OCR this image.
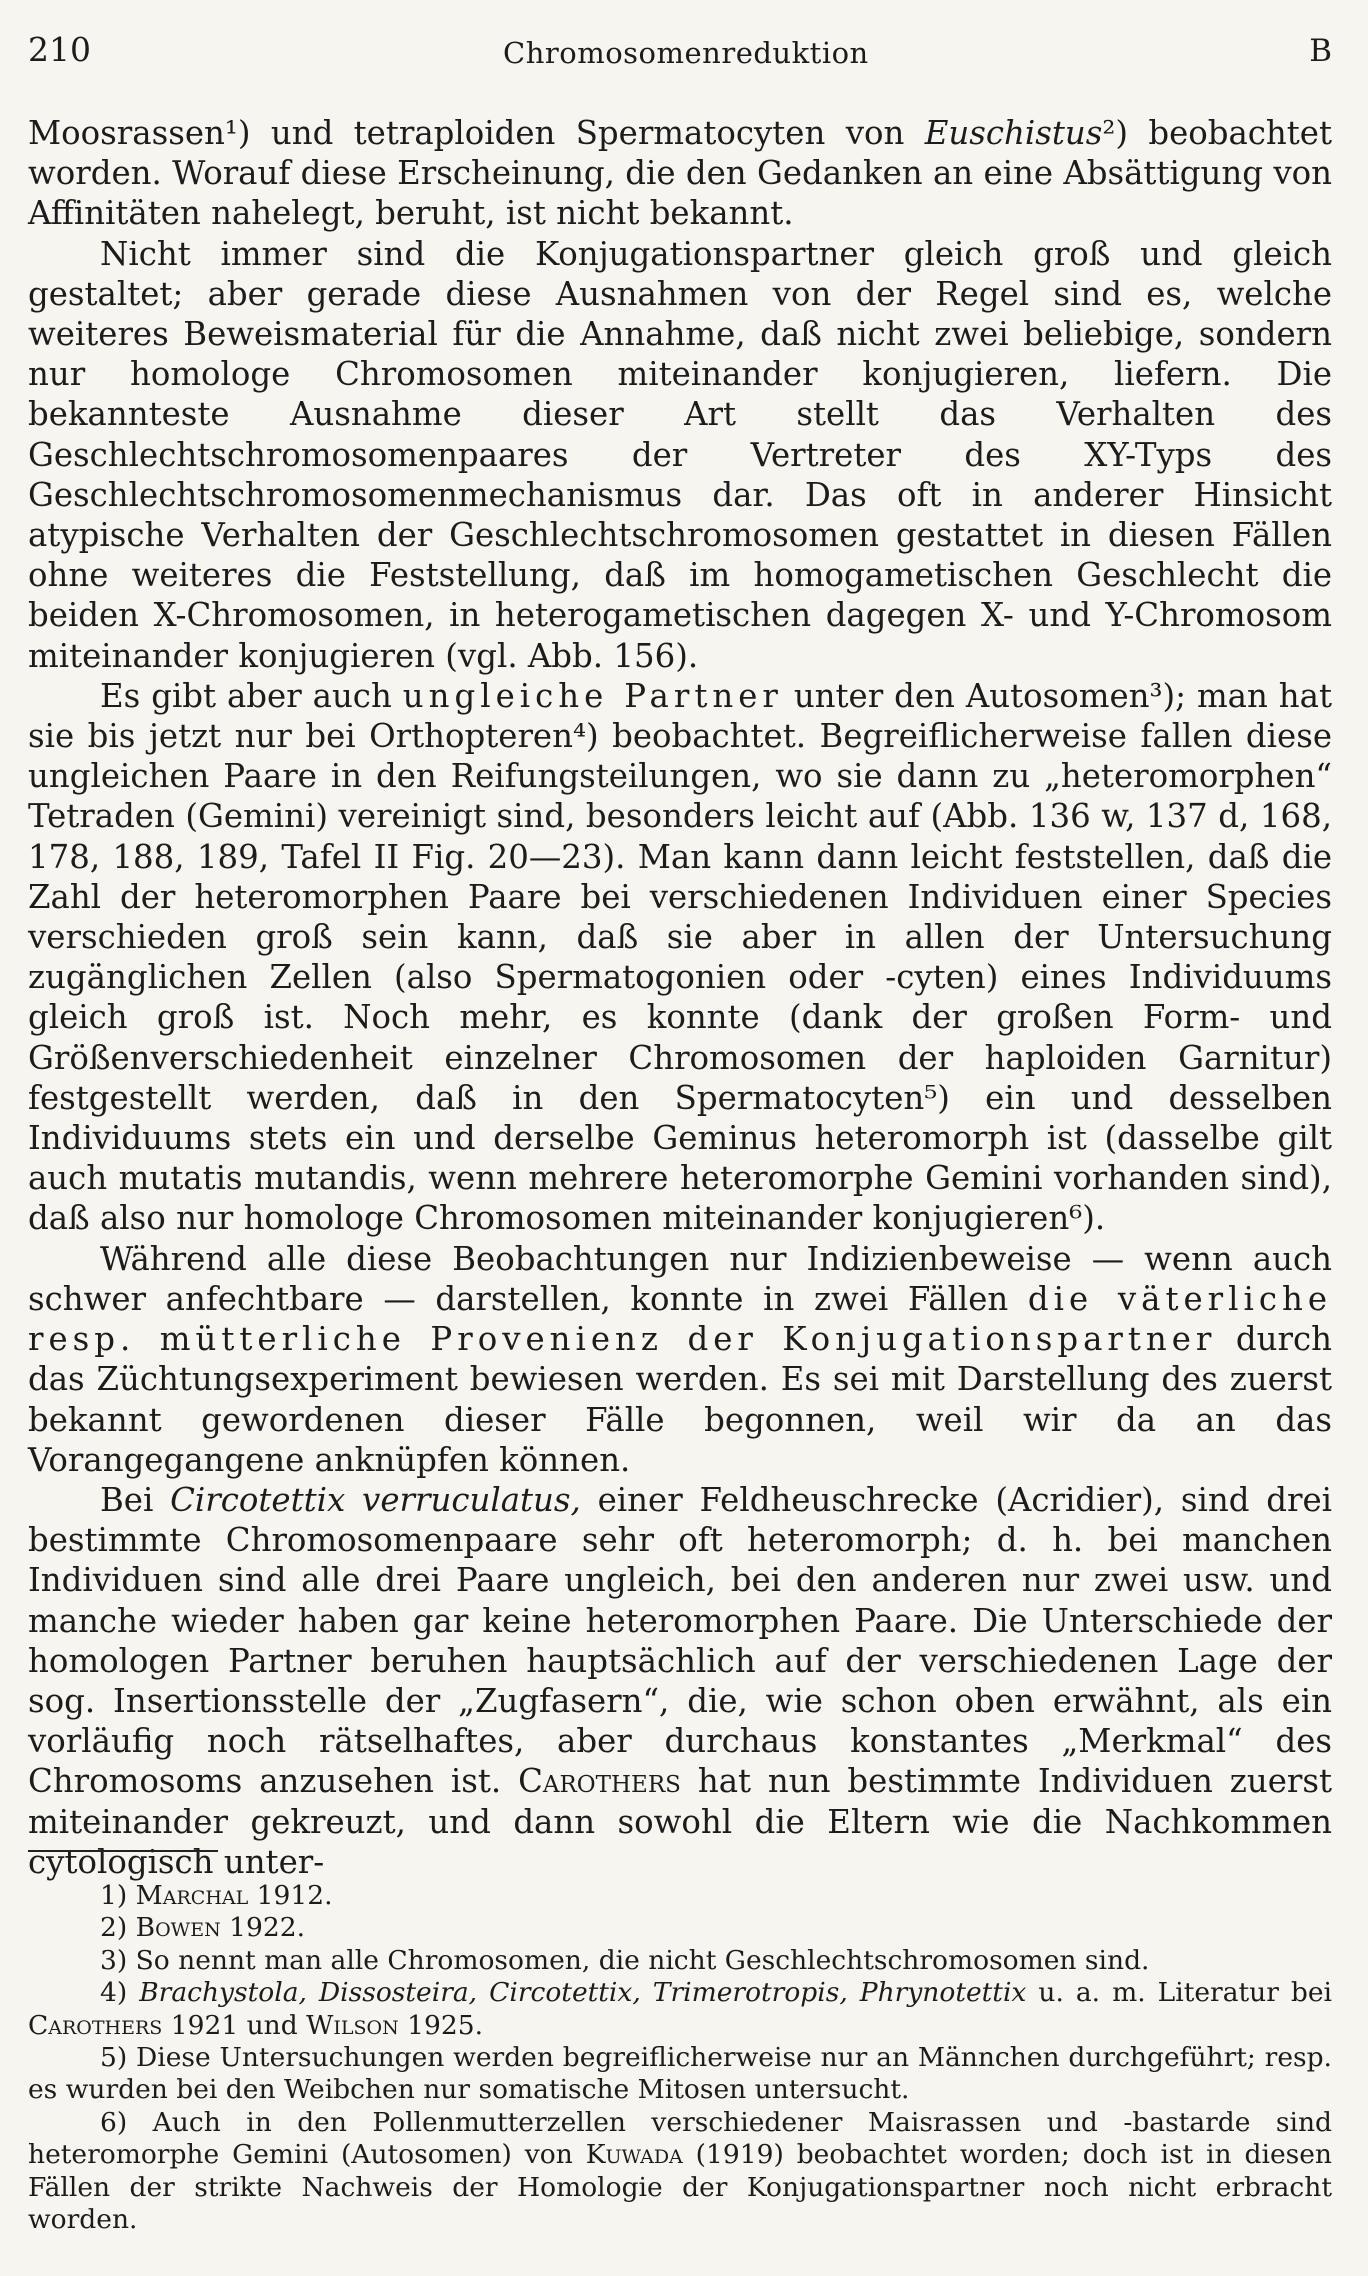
210	Chromosomenreduktion	B

Moosrassen¹) und tetraploiden Spermatocyten von Euschistus²) beobachtet worden. Worauf diese Erscheinung, die den Gedanken an eine Absättigung von Affinitäten nahelegt, beruht, ist nicht bekannt.

Nicht immer sind die Konjugationspartner gleich groß und gleich gestaltet; aber gerade diese Ausnahmen von der Regel sind es, welche weiteres Beweismaterial für die Annahme, daß nicht zwei beliebige, sondern nur homologe Chromosomen miteinander konjugieren, liefern. Die bekannteste Ausnahme dieser Art stellt das Verhalten des Geschlechtschromosomenpaares der Vertreter des XY-Typs des Geschlechtschromosomenmechanismus dar. Das oft in anderer Hinsicht atypische Verhalten der Geschlechtschromosomen gestattet in diesen Fällen ohne weiteres die Feststellung, daß im homogametischen Geschlecht die beiden X-Chromosomen, in heterogametischen dagegen X- und Y-Chromosom miteinander konjugieren (vgl. Abb. 156).

Es gibt aber auch ungleiche Partner unter den Autosomen³); man hat sie bis jetzt nur bei Orthopteren⁴) beobachtet. Begreiflicherweise fallen diese ungleichen Paare in den Reifungsteilungen, wo sie dann zu „heteromorphen“ Tetraden (Gemini) vereinigt sind, besonders leicht auf (Abb. 136 w, 137 d, 168, 178, 188, 189, Tafel II Fig. 20—23). Man kann dann leicht feststellen, daß die Zahl der heteromorphen Paare bei verschiedenen Individuen einer Species verschieden groß sein kann, daß sie aber in allen der Untersuchung zugänglichen Zellen (also Spermatogonien oder -cyten) eines Individuums gleich groß ist. Noch mehr, es konnte (dank der großen Form- und Größenverschiedenheit einzelner Chromosomen der haploiden Garnitur) festgestellt werden, daß in den Spermatocyten⁵) ein und desselben Individuums stets ein und derselbe Geminus heteromorph ist (dasselbe gilt auch mutatis mutandis, wenn mehrere heteromorphe Gemini vorhanden sind), daß also nur homologe Chromosomen miteinander konjugieren⁶).

Während alle diese Beobachtungen nur Indizienbeweise — wenn auch schwer anfechtbare — darstellen, konnte in zwei Fällen die väterliche resp. mütterliche Provenienz der Konjugationspartner durch das Züchtungsexperiment bewiesen werden. Es sei mit Darstellung des zuerst bekannt gewordenen dieser Fälle begonnen, weil wir da an das Vorangegangene anknüpfen können.

Bei Circotettix verruculatus, einer Feldheuschrecke (Acridier), sind drei bestimmte Chromosomenpaare sehr oft heteromorph; d. h. bei manchen Individuen sind alle drei Paare ungleich, bei den anderen nur zwei usw. und manche wieder haben gar keine heteromorphen Paare. Die Unterschiede der homologen Partner beruhen hauptsächlich auf der verschiedenen Lage der sog. Insertionsstelle der „Zugfasern“, die, wie schon oben erwähnt, als ein vorläufig noch rätselhaftes, aber durchaus konstantes „Merkmal“ des Chromosoms anzusehen ist. Carothers hat nun bestimmte Individuen zuerst miteinander gekreuzt, und dann sowohl die Eltern wie die Nachkommen cytologisch unter-

1) Marchal 1912.

2) Bowen 1922.

3) So nennt man alle Chromosomen, die nicht Geschlechtschromosomen sind.

4) Brachystola, Dissosteira, Circotettix, Trimerotropis, Phrynotettix u. a. m. Literatur bei Carothers 1921 und Wilson 1925.

5) Diese Untersuchungen werden begreiflicherweise nur an Männchen durchgeführt; resp. es wurden bei den Weibchen nur somatische Mitosen untersucht.

6) Auch in den Pollenmutterzellen verschiedener Maisrassen und -bastarde sind heteromorphe Gemini (Autosomen) von Kuwada (1919) beobachtet worden; doch ist in diesen Fällen der strikte Nachweis der Homologie der Konjugationspartner noch nicht erbracht worden.
